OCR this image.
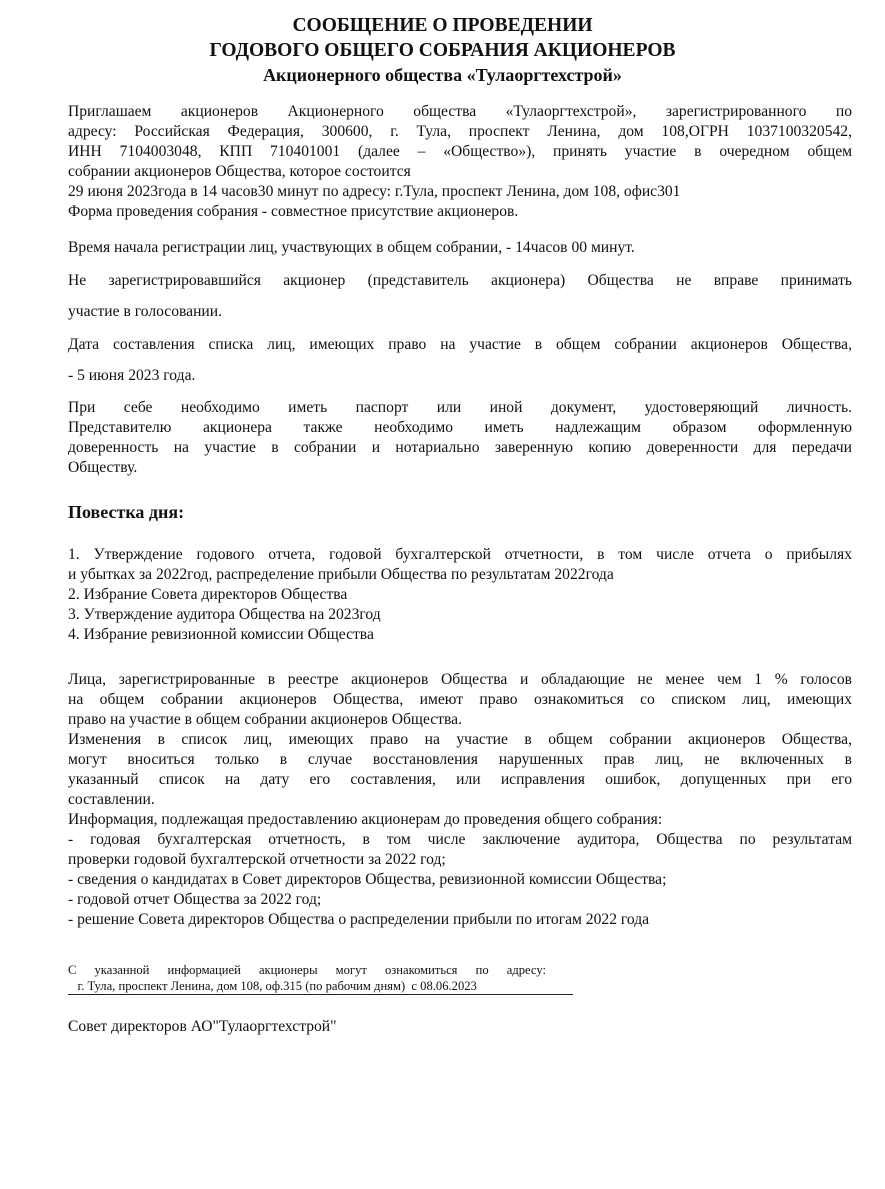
СООБЩЕНИЕ О ПРОВЕДЕНИИ
ГОДОВОГО ОБЩЕГО СОБРАНИЯ АКЦИОНЕРОВ
Акционерного общества «Тулаоргтехстрой»
Приглашаем акционеров Акционерного общества «Тулаоргтехстрой», зарегистрированного по
адресу: Российская Федерация, 300600, г. Тула, проспект Ленина, дом 108,ОГРН 1037100320542,
ИНН 7104003048, КПП 710401001 (далее – «Общество»), принять участие в очередном общем
собрании акционеров Общества, которое состоится
29 июня 2023года в 14 часов30 минут по адресу: г.Тула, проспект Ленина, дом 108, офис301
Форма проведения собрания - совместное присутствие акционеров.
Время начала регистрации лиц, участвующих в общем собрании, - 14часов 00 минут.
Не зарегистрировавшийся акционер (представитель акционера) Общества не вправе принимать
участие в голосовании.
Дата составления списка лиц, имеющих право на участие в общем собрании акционеров Общества,
- 5 июня 2023 года.
При себе необходимо иметь паспорт или иной документ, удостоверяющий личность.
Представителю акционера также необходимо иметь надлежащим образом оформленную
доверенность на участие в собрании и нотариально заверенную копию доверенности для передачи
Обществу.
Повестка дня:
1. Утверждение годового отчета, годовой бухгалтерской отчетности, в том числе отчета о прибылях
и убытках за 2022год, распределение прибыли Общества по результатам 2022года
2. Избрание Совета директоров Общества
3. Утверждение аудитора Общества на 2023год
4. Избрание ревизионной комиссии Общества
Лица, зарегистрированные в реестре акционеров Общества и обладающие не менее чем 1 % голосов
на общем собрании акционеров Общества, имеют право ознакомиться со списком лиц, имеющих
право на участие в общем собрании акционеров Общества.
Изменения в список лиц, имеющих право на участие в общем собрании акционеров Общества,
могут вноситься только в случае восстановления нарушенных прав лиц, не включенных в
указанный список на дату его составления, или исправления ошибок, допущенных при его
составлении.
Информация, подлежащая предоставлению акционерам до проведения общего собрания:
- годовая бухгалтерская отчетность, в том числе заключение аудитора, Общества по результатам
проверки годовой бухгалтерской отчетности за 2022 год;
- сведения о кандидатах в Совет директоров Общества, ревизионной комиссии Общества;
- годовой отчет Общества за 2022 год;
- решение Совета директоров Общества о распределении прибыли по итогам 2022 года
С указанной информацией акционеры могут ознакомиться по адресу:
г. Тула, проспект Ленина, дом 108, оф.315 (по рабочим дням)  с 08.06.2023
Совет директоров АО"Тулаоргтехстрой"
